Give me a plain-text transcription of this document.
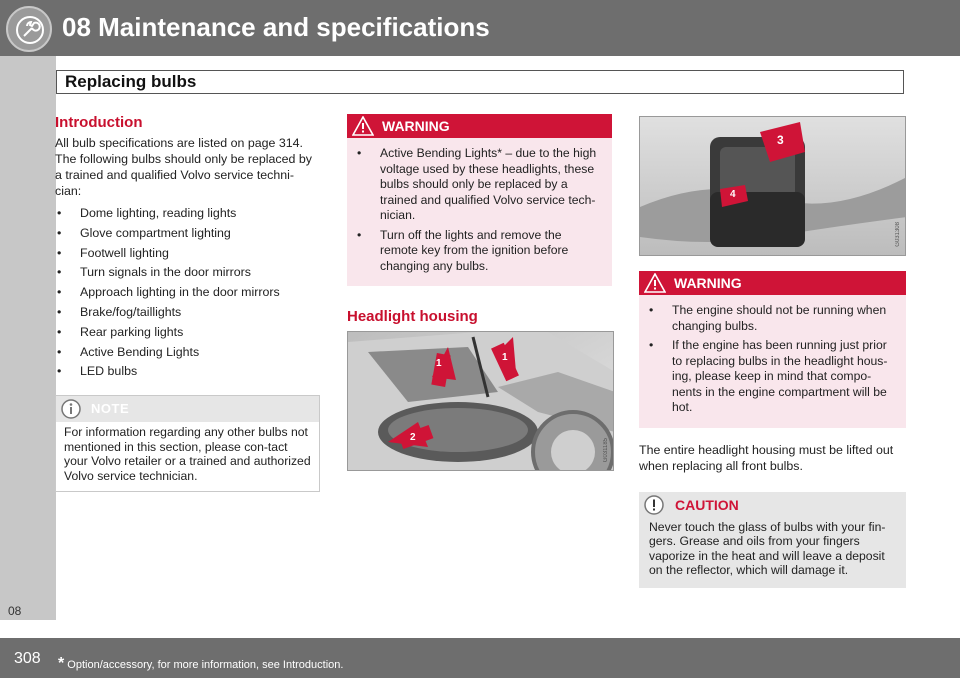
08 Maintenance and specifications
08
Replacing bulbs
Introduction

All bulb specifications are listed on page 314. The following bulbs should only be replaced by a trained and qualified Volvo service techni-cian:

• Dome lighting, reading lights
• Glove compartment lighting
• Footwell lighting
• Turn signals in the door mirrors
• Approach lighting in the door mirrors
• Brake/fog/taillights
• Rear parking lights
• Active Bending Lights
• LED bulbs
NOTE
For information regarding any other bulbs not mentioned in this section, please con-tact your Volvo retailer or a trained and authorized Volvo service technician.
WARNING
• Active Bending Lights* – due to the high voltage used by these headlights, these bulbs should only be replaced by a trained and qualified Volvo service tech-nician.
• Turn off the lights and remove the remote key from the ignition before changing any bulbs.
Headlight housing
1
1
2
G031185
3
4
G031308
WARNING
• The engine should not be running when changing bulbs.
• If the engine has been running just prior to replacing bulbs in the headlight hous-ing, please keep in mind that compo-nents in the engine compartment will be hot.

The entire headlight housing must be lifted out when replacing all front bulbs.

CAUTION
Never touch the glass of bulbs with your fin-gers. Grease and oils from your fingers vaporize in the heat and will leave a deposit on the reflector, which will damage it.
308 * Option/accessory, for more information, see Introduction.
